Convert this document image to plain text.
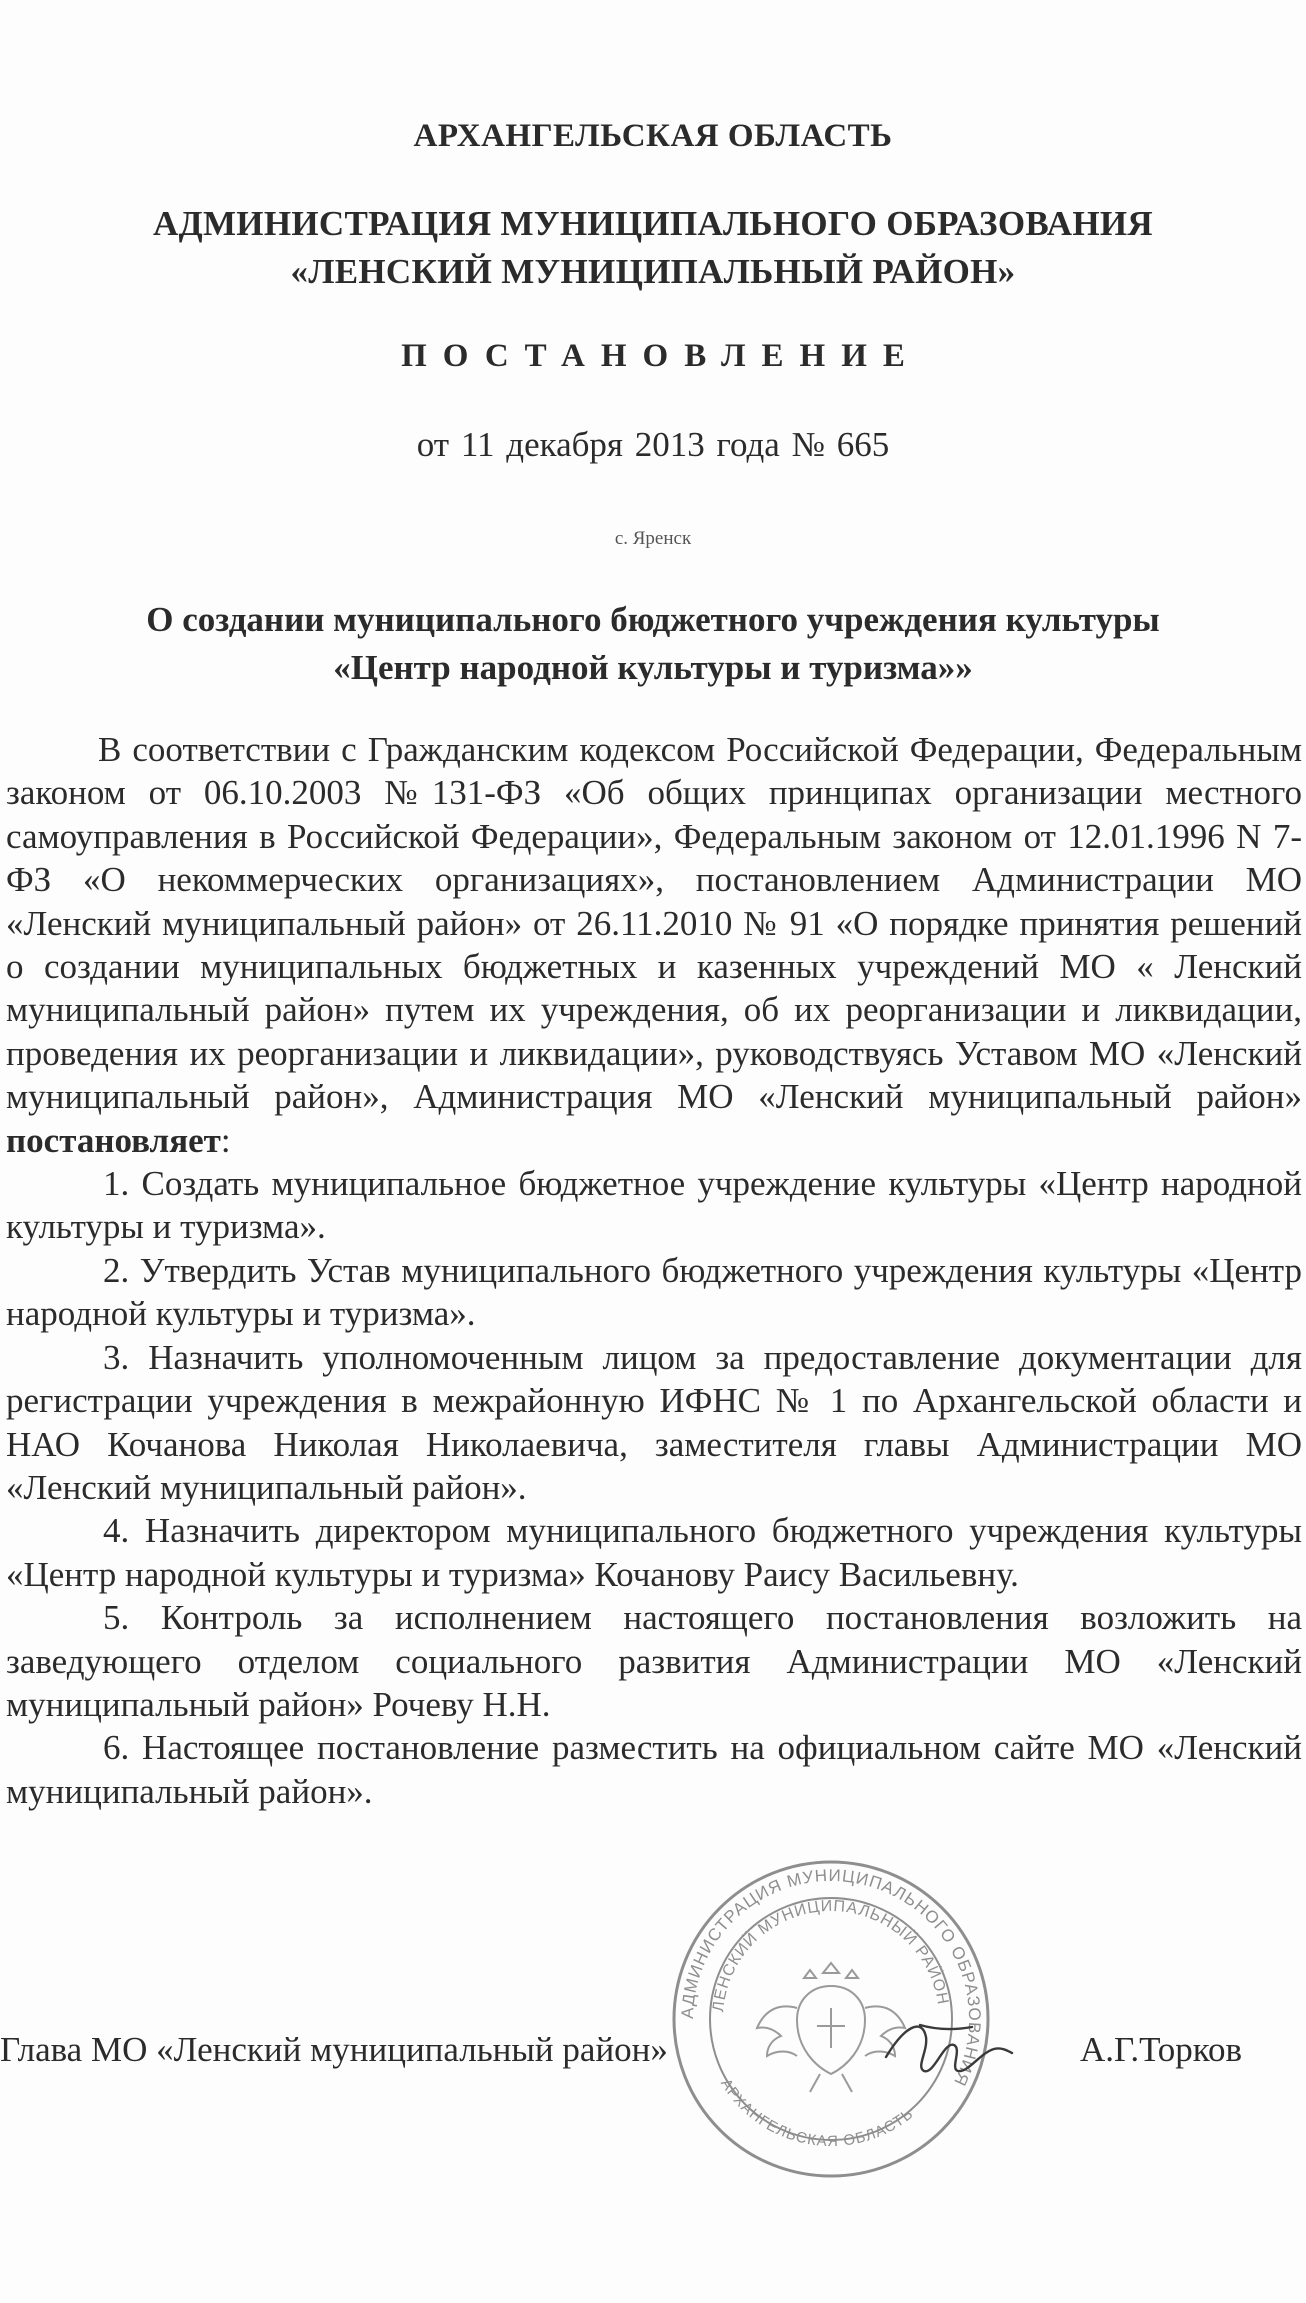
АРХАНГЕЛЬСКАЯ ОБЛАСТЬ
АДМИНИСТРАЦИЯ МУНИЦИПАЛЬНОГО ОБРАЗОВАНИЯ
«ЛЕНСКИЙ МУНИЦИПАЛЬНЫЙ РАЙОН»
ПОСТАНОВЛЕНИЕ
от 11 декабря 2013 года № 665
с. Яренск
О создании муниципального бюджетного учреждения культуры
«Центр народной культуры и туризма»»

В соответствии с Гражданским кодексом Российской Федерации, Федеральным законом от 06.10.2003 №131-ФЗ «Об общих принципах организации местного самоуправления в Российской Федерации», Федеральным законом от 12.01.1996 N 7-ФЗ «О некоммерческих организациях», постановлением Администрации МО «Ленский муниципальный район» от 26.11.2010 № 91 «О порядке принятия решений о создании муниципальных бюджетных и казенных учреждений МО « Ленский муниципальный район» путем их учреждения, об их реорганизации и ликвидации, проведения их реорганизации и ликвидации», руководствуясь Уставом МО «Ленский муниципальный район», Администрация МО «Ленский муниципальный район» постановляет:

1. Создать муниципальное бюджетное учреждение культуры «Центр народной культуры и туризма».

2. Утвердить Устав муниципального бюджетного учреждения культуры «Центр народной культуры и туризма».

3. Назначить уполномоченным лицом за предоставление документации для регистрации учреждения в межрайонную ИФНС № 1 по Архангельской области и НАО Кочанова Николая Николаевича, заместителя главы Администрации МО «Ленский муниципальный район».

4. Назначить директором муниципального бюджетного учреждения культуры «Центр народной культуры и туризма» Кочанову Раису Васильевну.

5. Контроль за исполнением настоящего постановления возложить на заведующего отделом социального развития Администрации МО «Ленский муниципальный район» Рочеву Н.Н.

6. Настоящее постановление разместить на официальном сайте МО «Ленский муниципальный район».

Глава МО «Ленский муниципальный район»	А.Г.Торков
АДМИНИСТРАЦИЯ МУНИЦИПАЛЬНОГО ОБРАЗОВАНИЯ
ЛЕНСКИЙ МУНИЦИПАЛЬНЫЙ РАЙОН
АРХАНГЕЛЬСКАЯ ОБЛАСТЬ
